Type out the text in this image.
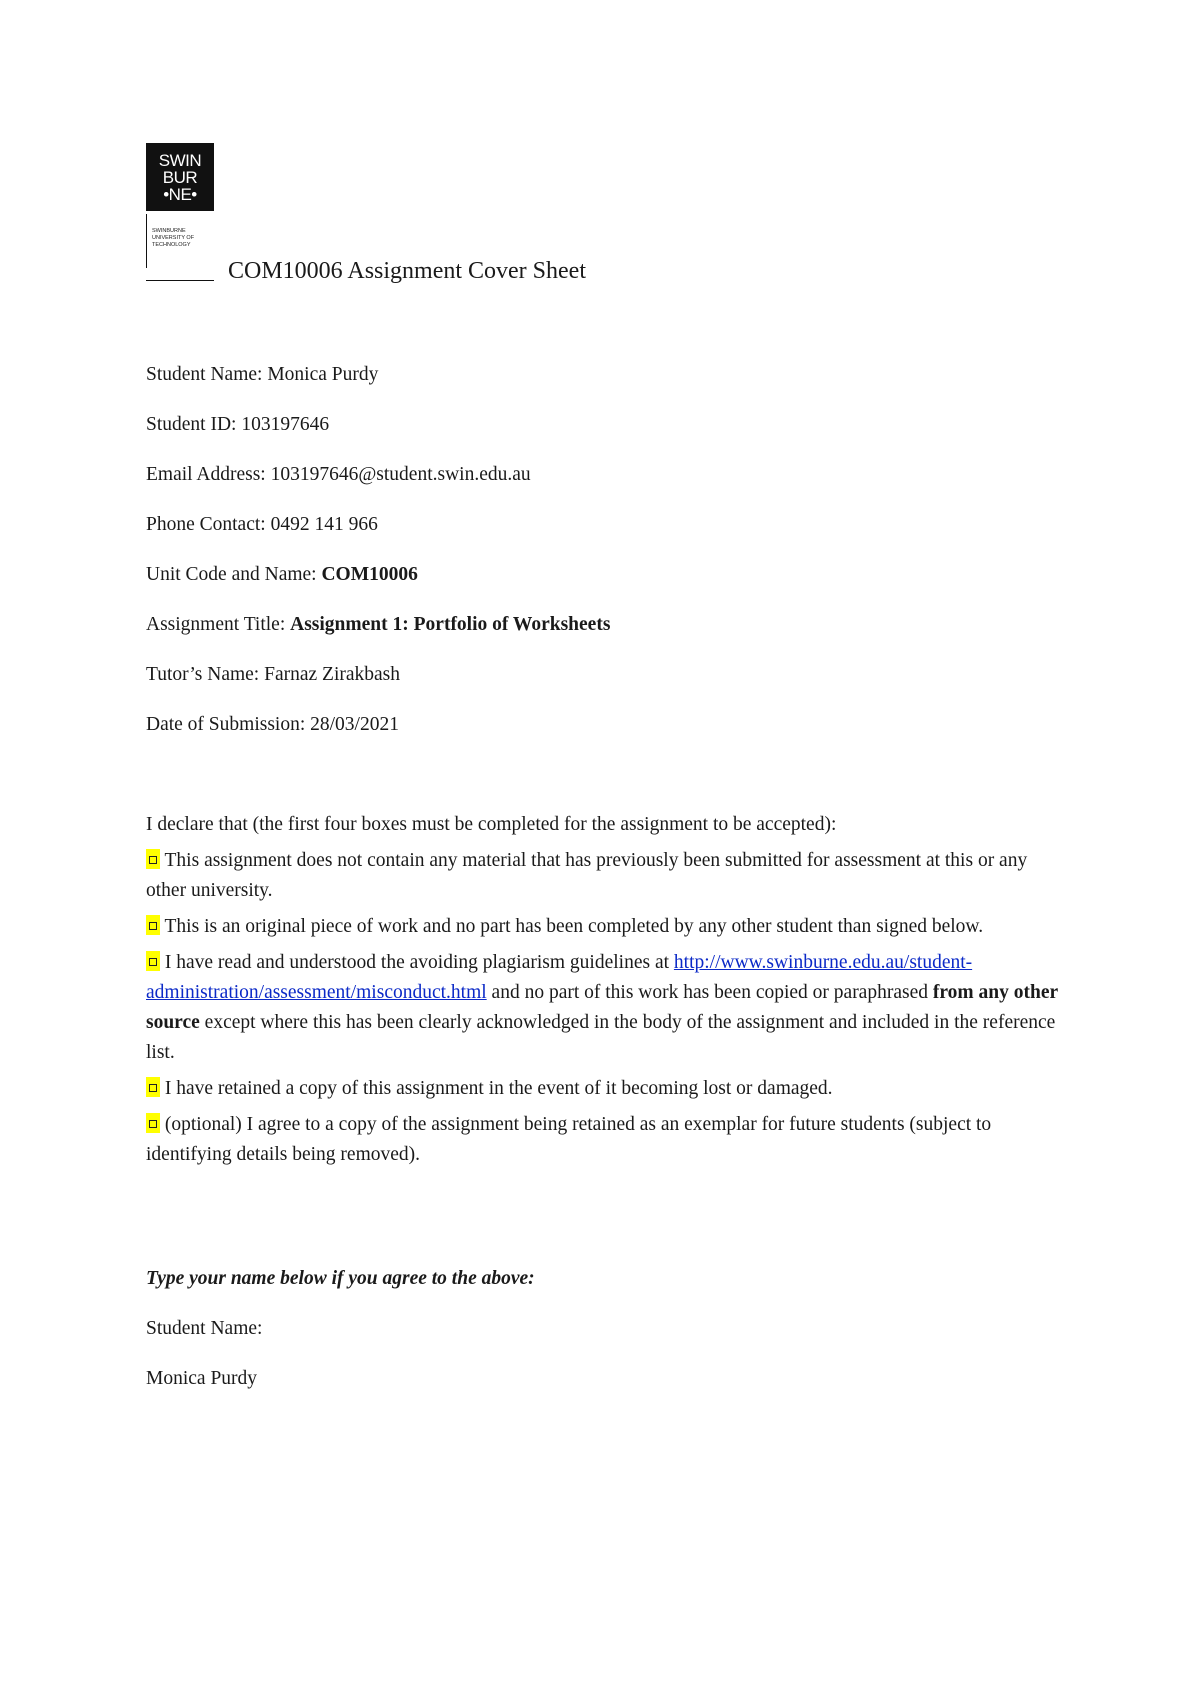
SWIN
BUR
•NE•
SWINBURNE
UNIVERSITY OF
TECHNOLOGY
COM10006 Assignment Cover Sheet
Student Name: Monica Purdy
Student ID: 103197646
Email Address: 103197646@student.swin.edu.au
Phone Contact: 0492 141 966
Unit Code and Name: COM10006
Assignment Title: Assignment 1: Portfolio of Worksheets
Tutor’s Name: Farnaz Zirakbash
Date of Submission: 28/03/2021

I declare that (the first four boxes must be completed for the assignment to be accepted):

This assignment does not contain any material that has previously been submitted for assessment at this or any other university.

This is an original piece of work and no part has been completed by any other student than signed below.

I have read and understood the avoiding plagiarism guidelines at http://www.swinburne.edu.au/student-administration/assessment/misconduct.html and no part of this work has been copied or paraphrased from any other source except where this has been clearly acknowledged in the body of the assignment and included in the reference list.

I have retained a copy of this assignment in the event of it becoming lost or damaged.

(optional) I agree to a copy of the assignment being retained as an exemplar for future students (subject to identifying details being removed).

Type your name below if you agree to the above:
Student Name:
Monica Purdy
